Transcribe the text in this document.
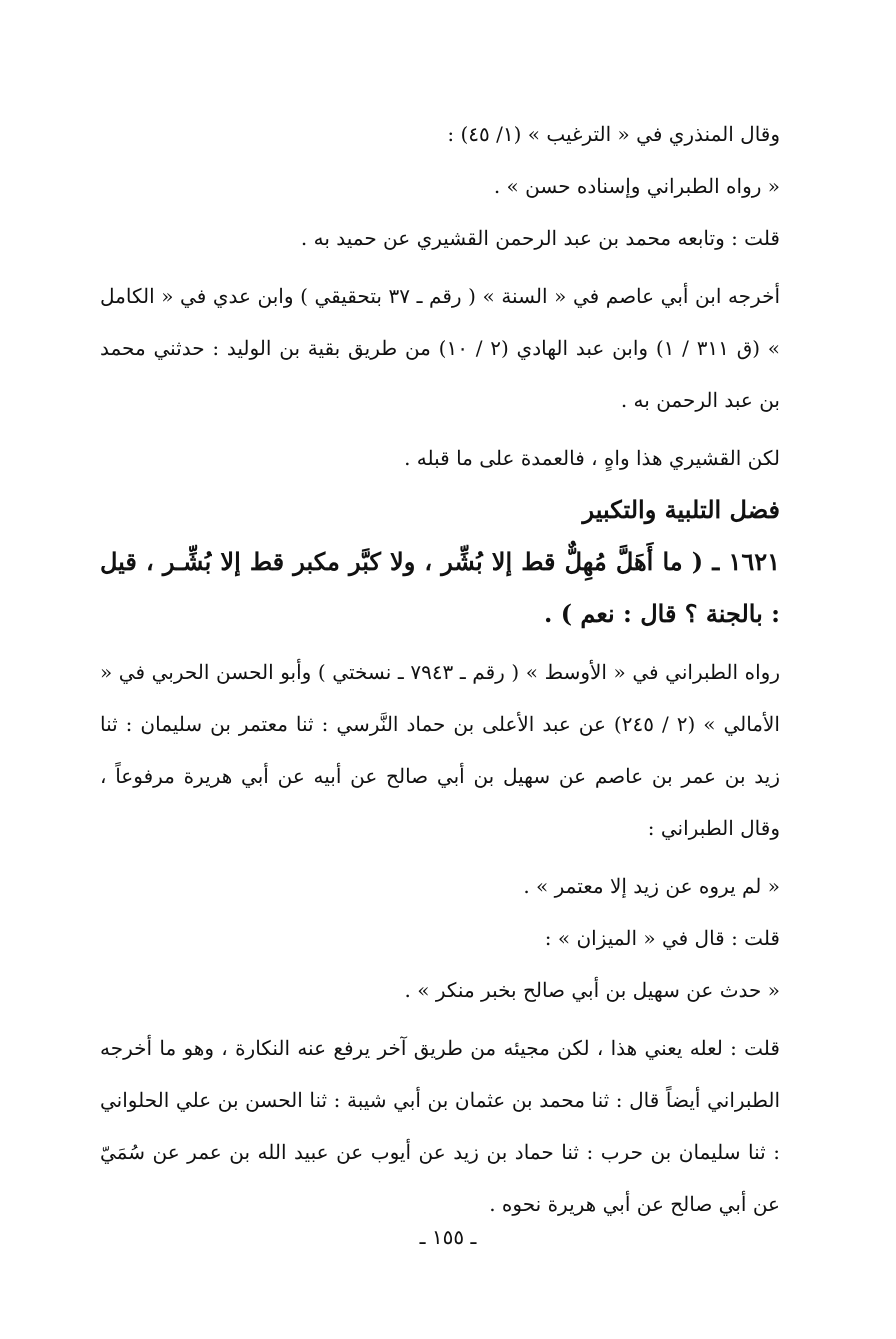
وقال المنذري في « الترغيب » (١/ ٤٥) :

« رواه الطبراني وإسناده حسن » .

قلت : وتابعه محمد بن عبد الرحمن القشيري عن حميد به .

أخرجه ابن أبي عاصم في « السنة » ( رقم ـ ٣٧ بتحقيقي ) وابن عدي في « الكامل » (ق ٣١١ / ١) وابن عبد الهادي (٢ / ١٠) من طريق بقية بن الوليد : حدثني محمد بن عبد الرحمن به .

لكن القشيري هذا واهٍ ، فالعمدة على ما قبله .

فضل التلبية والتكبير

١٦٢١ ـ ( ما أَهَلَّ مُهِلٌّ قط إلا بُشِّر ، ولا كبَّر مكبر قط إلا بُشِّـر ، قيل : بالجنة ؟ قال : نعم ) .

رواه الطبراني في « الأوسط » ( رقم ـ ٧٩٤٣ ـ نسختي ) وأبو الحسن الحربي في « الأمالي » (٢ / ٢٤٥) عن عبد الأعلى بن حماد النَّرسي : ثنا معتمر بن سليمان : ثنا زيد بن عمر بن عاصم عن سهيل بن أبي صالح عن أبيه عن أبي هريرة مرفوعاً ، وقال الطبراني :

« لم يروه عن زيد إلا معتمر » .

قلت : قال في « الميزان » :

« حدث عن سهيل بن أبي صالح بخبر منكر » .

قلت : لعله يعني هذا ، لكن مجيئه من طريق آخر يرفع عنه النكارة ، وهو ما أخرجه الطبراني أيضاً قال : ثنا محمد بن عثمان بن أبي شيبة : ثنا الحسن بن علي الحلواني : ثنا سليمان بن حرب : ثنا حماد بن زيد عن أيوب عن عبيد الله بن عمر عن سُمَيّ عن أبي صالح عن أبي هريرة نحوه .

ـ ١٥٥ ـ
